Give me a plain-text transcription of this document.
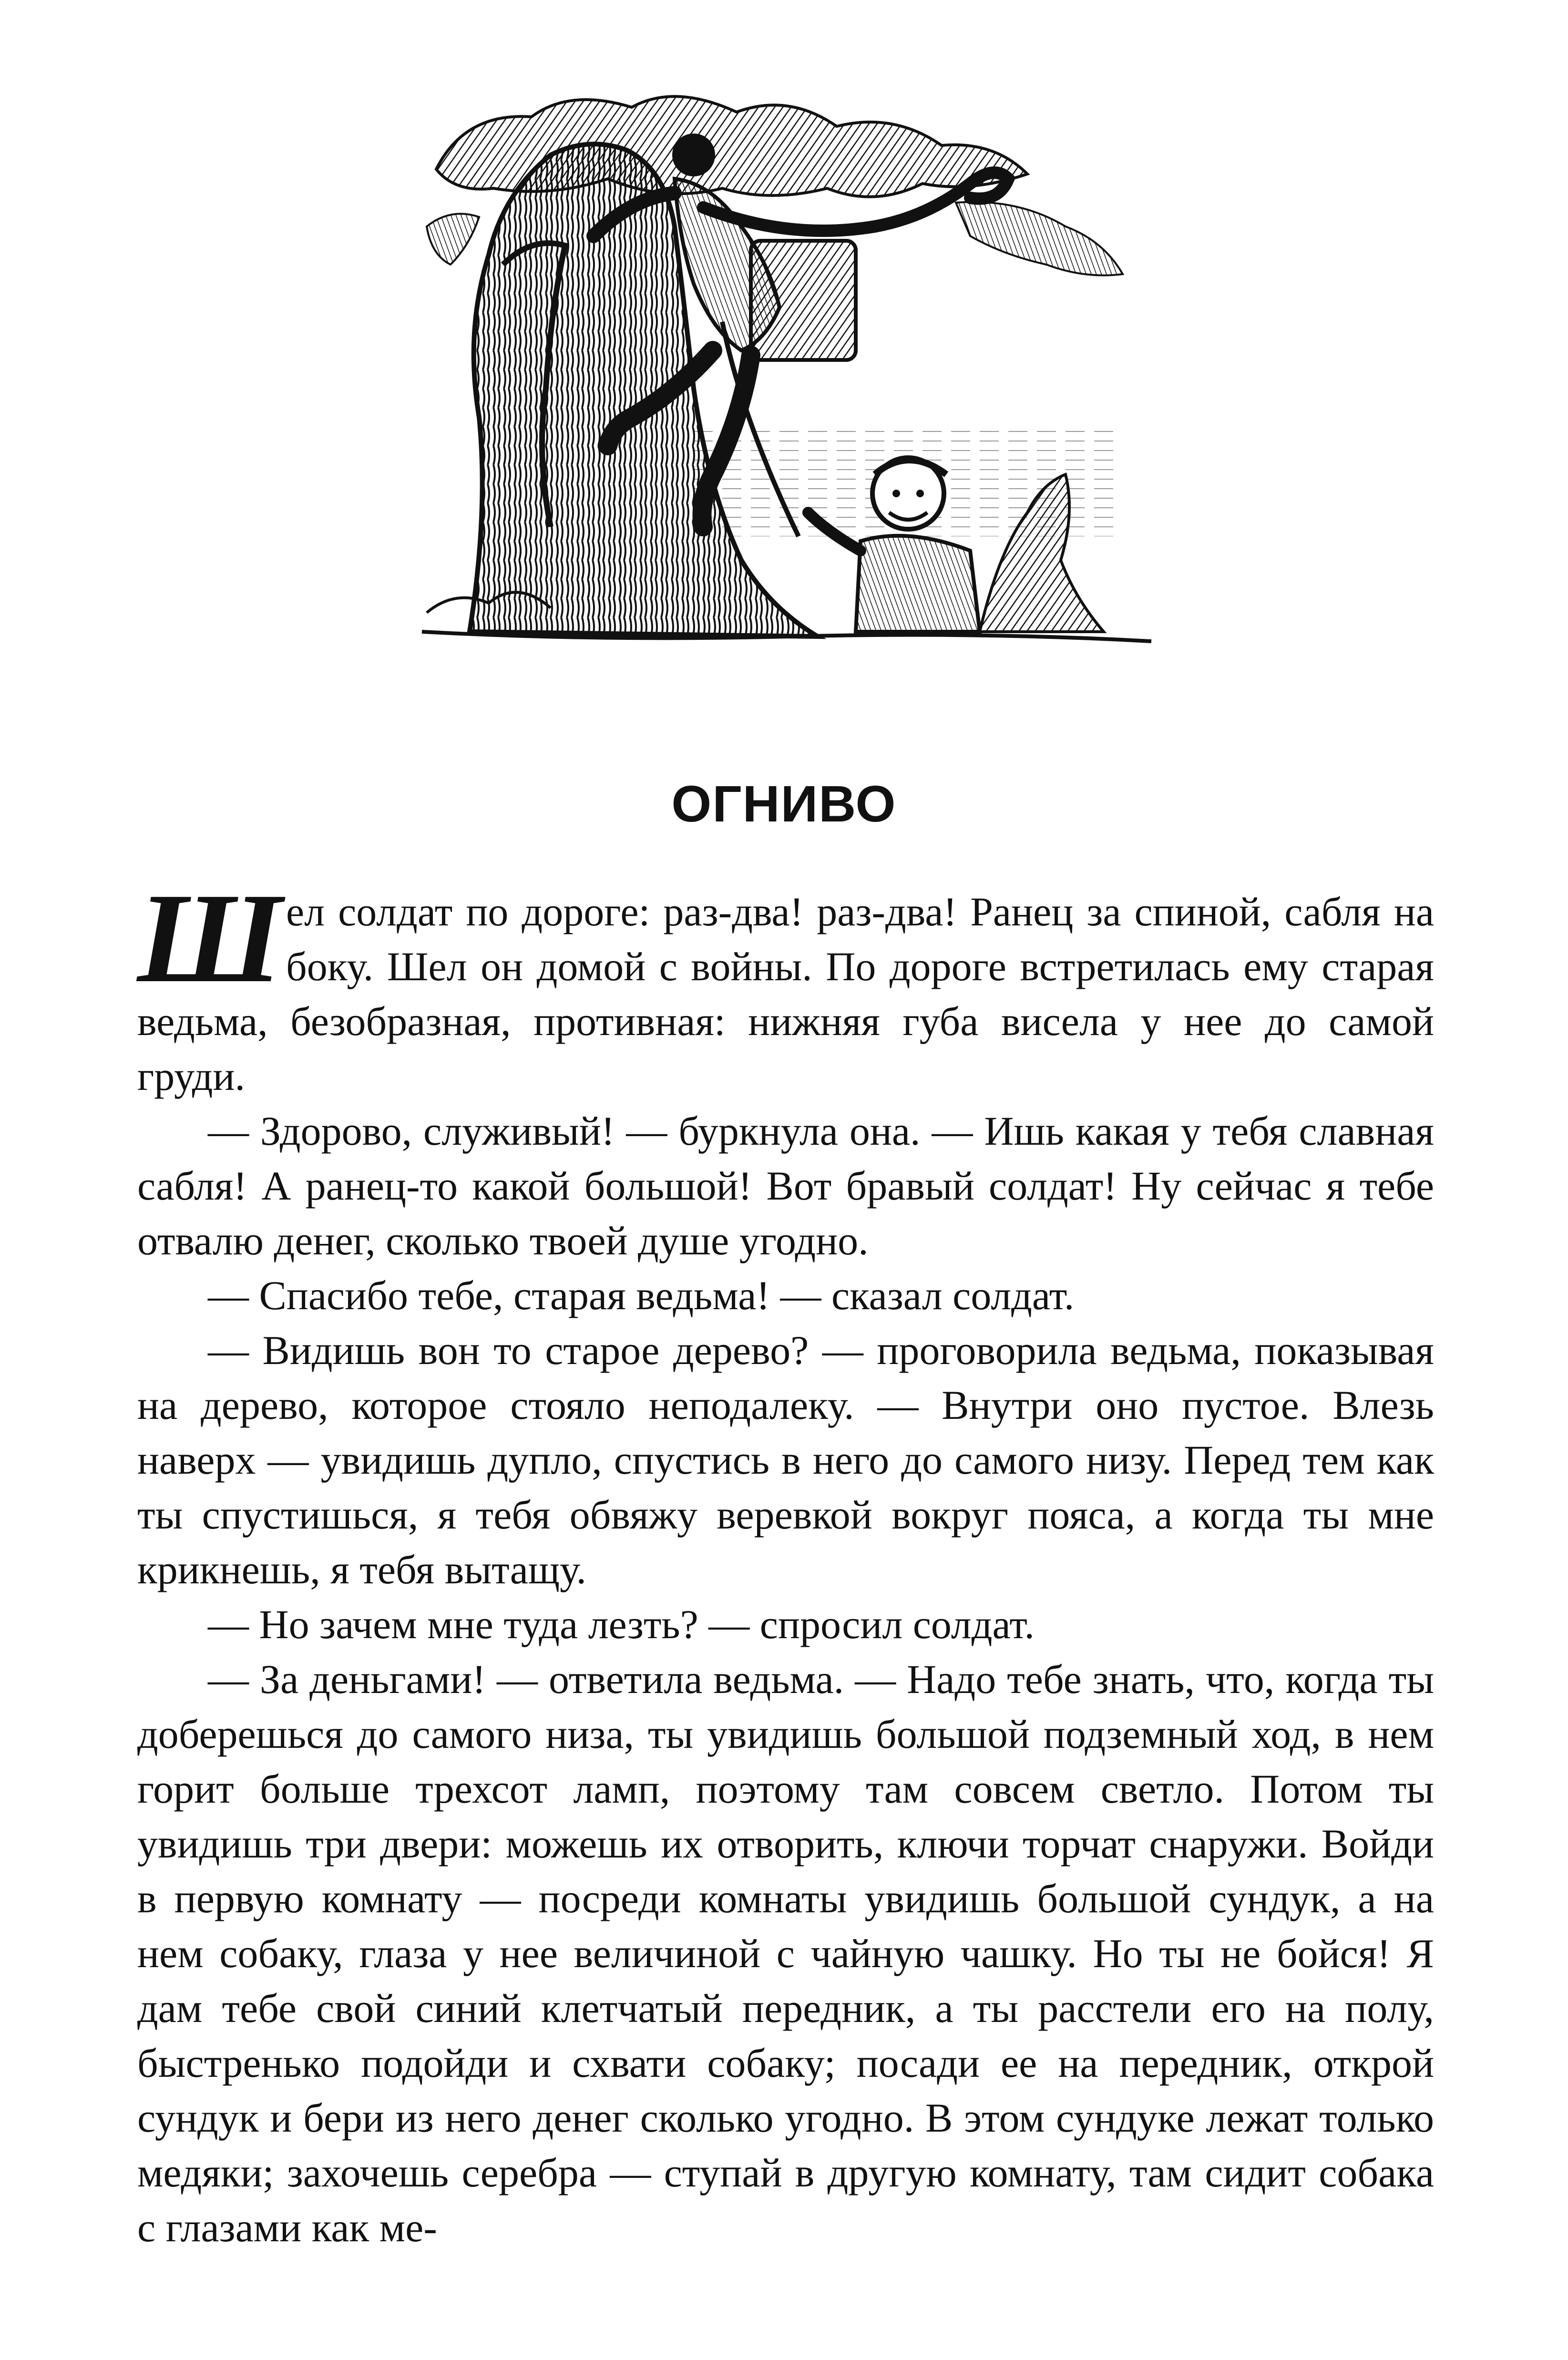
ОГНИВО

Шел солдат по дороге: раз-два! раз-два! Ранец за спиной, сабля на боку. Шел он домой с войны. По дороге встретилась ему старая ведьма, безобразная, противная: нижняя губа висела у нее до самой груди.

— Здорово, служивый! — буркнула она. — Ишь какая у тебя славная сабля! А ранец-то какой большой! Вот бравый солдат! Ну сейчас я тебе отвалю денег, сколько твоей душе угодно.

— Спасибо тебе, старая ведьма! — сказал солдат.

— Видишь вон то старое дерево? — проговорила ведьма, показывая на дерево, которое стояло неподалеку. — Внутри оно пустое. Влезь наверх — увидишь дупло, спустись в него до самого низу. Перед тем как ты спустишься, я тебя обвяжу веревкой вокруг пояса, а когда ты мне крикнешь, я тебя вытащу.

— Но зачем мне туда лезть? — спросил солдат.

— За деньгами! — ответила ведьма. — Надо тебе знать, что, когда ты доберешься до самого низа, ты увидишь большой подземный ход, в нем горит больше трехсот ламп, поэтому там совсем светло. Потом ты увидишь три двери: можешь их отворить, ключи торчат снаружи. Войди в первую комнату — посреди комнаты увидишь большой сундук, а на нем собаку, глаза у нее величиной с чайную чашку. Но ты не бойся! Я дам тебе свой синий клетчатый передник, а ты расстели его на полу, быстренько подойди и схвати собаку; посади ее на передник, открой сундук и бери из него денег сколько угодно. В этом сундуке лежат только медяки; захочешь серебра — ступай в другую комнату, там сидит собака с глазами как ме-
